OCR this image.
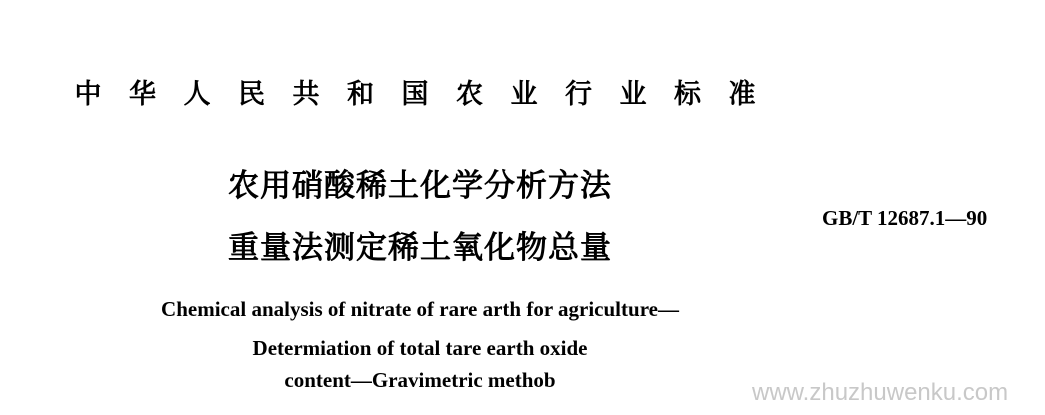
中 华 人 民 共 和 国 农 业 行 业 标 准
农用硝酸稀土化学分析方法
重量法测定稀土氧化物总量
GB/T 12687.1—90
Chemical analysis of nitrate of rare arth for agriculture—
Determiation of total tare earth oxide
content—Gravimetric methob	www.zhuzhuwenku.com
